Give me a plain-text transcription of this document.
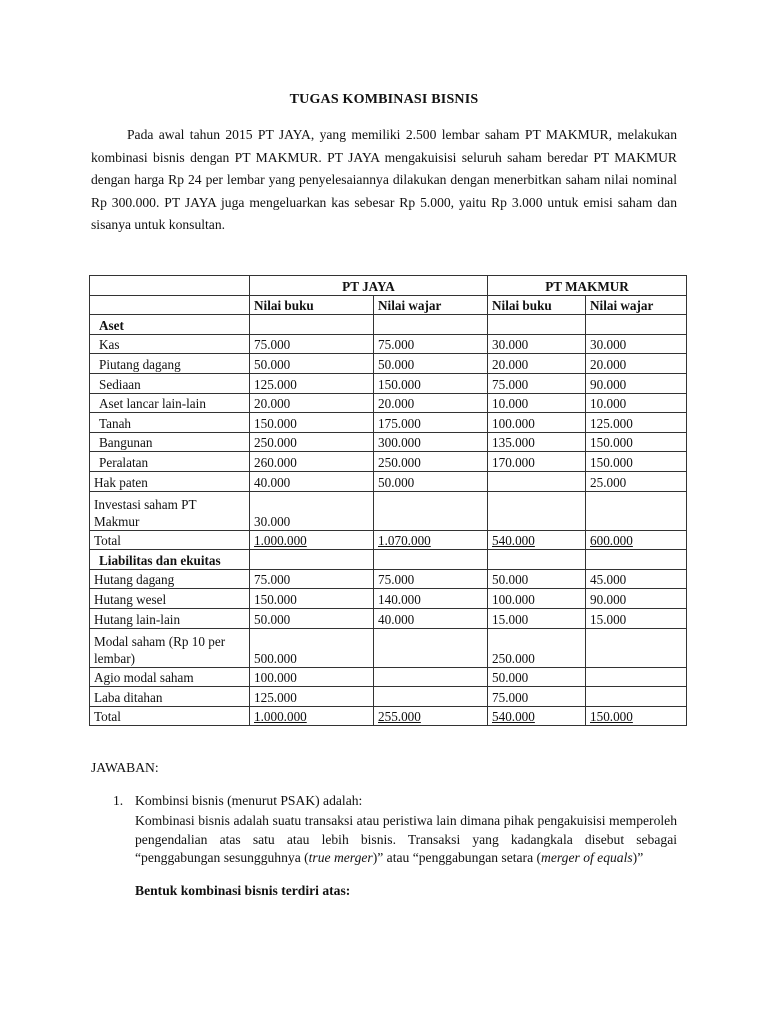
TUGAS KOMBINASI BISNIS

Pada awal tahun 2015 PT JAYA, yang memiliki 2.500 lembar saham PT MAKMUR, melakukan kombinasi bisnis dengan PT MAKMUR. PT JAYA mengakuisisi seluruh saham beredar PT MAKMUR dengan harga Rp 24 per lembar yang penyelesaiannya dilakukan dengan menerbitkan saham nilai nominal Rp 300.000. PT JAYA juga mengeluarkan kas sebesar Rp 5.000, yaitu Rp 3.000 untuk emisi saham dan sisanya untuk konsultan.

	PT JAYA		PT MAKMUR	
	Nilai buku	Nilai wajar	Nilai buku	Nilai wajar
Aset				
Kas	75.000	75.000	30.000	30.000
Piutang dagang	50.000	50.000	20.000	20.000
Sediaan	125.000	150.000	75.000	90.000
Aset lancar lain-lain	20.000	20.000	10.000	10.000
Tanah	150.000	175.000	100.000	125.000
Bangunan	250.000	300.000	135.000	150.000
Peralatan	260.000	250.000	170.000	150.000
Hak paten	40.000	50.000		25.000
Investasi saham PT Makmur	30.000			
Total	1.000.000	1.070.000	540.000	600.000
Liabilitas dan ekuitas				
Hutang dagang	75.000	75.000	50.000	45.000
Hutang wesel	150.000	140.000	100.000	90.000
Hutang lain-lain	50.000	40.000	15.000	15.000
Modal saham (Rp 10 per lembar)	500.000		250.000	
Agio modal saham	100.000		50.000	
Laba ditahan	125.000		75.000	
Total	1.000.000	255.000	540.000	150.000
JAWABAN:
1. Kombinsi bisnis (menurut PSAK) adalah:

Kombinasi bisnis adalah suatu transaksi atau peristiwa lain dimana pihak pengakuisisi memperoleh pengendalian atas satu atau lebih bisnis. Transaksi yang kadangkala disebut sebagai “penggabungan sesungguhnya (true merger)” atau “penggabungan setara (merger of equals)”

Bentuk kombinasi bisnis terdiri atas:
